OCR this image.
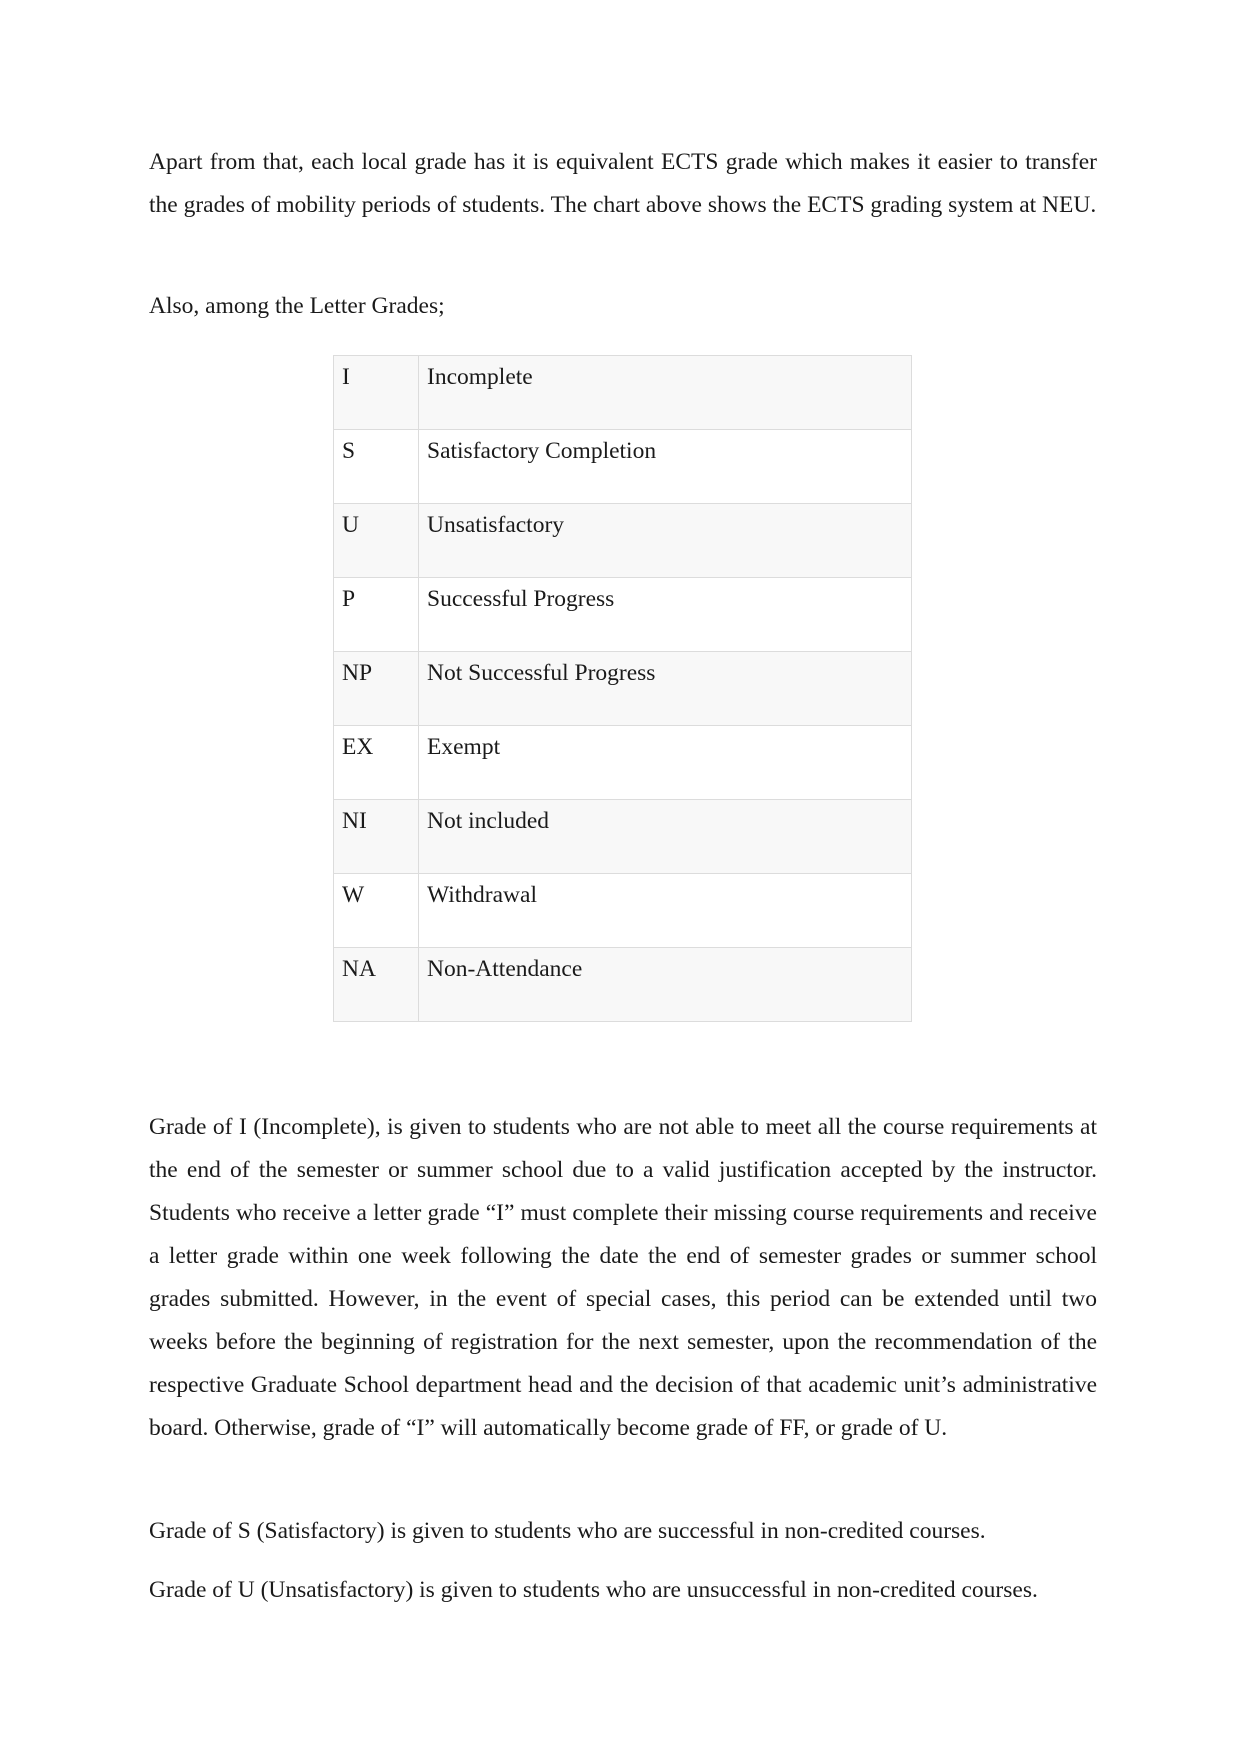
Apart from that, each local grade has it is equivalent ECTS grade which makes it easier to transfer the grades of mobility periods of students. The chart above shows the ECTS grading system at NEU.

Also, among the Letter Grades;

I	Incomplete
S	Satisfactory Completion
U	Unsatisfactory
P	Successful Progress
NP	Not Successful Progress
EX	Exempt
NI	Not included
W	Withdrawal
NA	Non-Attendance

Grade of I (Incomplete), is given to students who are not able to meet all the course requirements at the end of the semester or summer school due to a valid justification accepted by the instructor. Students who receive a letter grade “I” must complete their missing course requirements and receive a letter grade within one week following the date the end of semester grades or summer school grades submitted. However, in the event of special cases, this period can be extended until two weeks before the beginning of registration for the next semester, upon the recommendation of the respective Graduate School department head and the decision of that academic unit’s administrative board. Otherwise, grade of “I” will automatically become grade of FF, or grade of U.

Grade of S (Satisfactory) is given to students who are successful in non-credited courses.

Grade of U (Unsatisfactory) is given to students who are unsuccessful in non-credited courses.
